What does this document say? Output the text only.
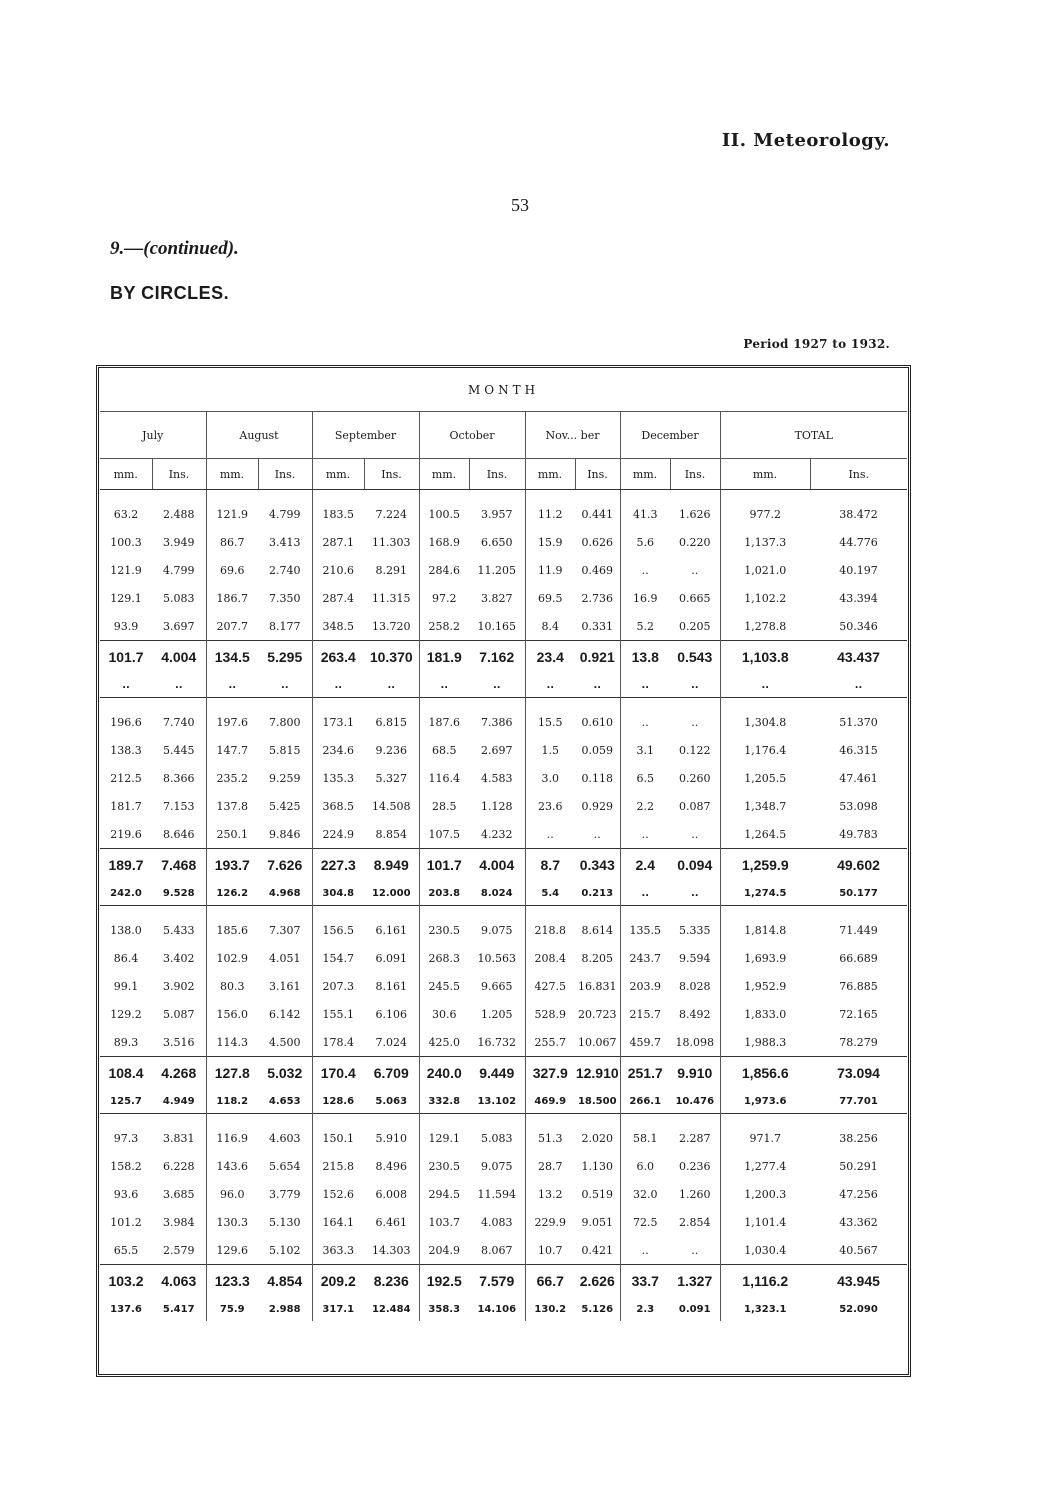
II. Meteorology.
53
9.—(continued).
BY CIRCLES.
Period 1927 to 1932.
MONTH													
July		August		September		October		Nov... ber		December		TOTAL	
mm.	Ins.	mm.	Ins.	mm.	Ins.	mm.	Ins.	mm.	Ins.	mm.	Ins.	mm.	Ins.
63.2	2.488	121.9	4.799	183.5	7.224	100.5	3.957	11.2	0.441	41.3	1.626	977.2	38.472
100.3	3.949	86.7	3.413	287.1	11.303	168.9	6.650	15.9	0.626	5.6	0.220	1,137.3	44.776
121.9	4.799	69.6	2.740	210.6	8.291	284.6	11.205	11.9	0.469	..	..	1,021.0	40.197
129.1	5.083	186.7	7.350	287.4	11.315	97.2	3.827	69.5	2.736	16.9	0.665	1,102.2	43.394
93.9	3.697	207.7	8.177	348.5	13.720	258.2	10.165	8.4	0.331	5.2	0.205	1,278.8	50.346
101.7	4.004	134.5	5.295	263.4	10.370	181.9	7.162	23.4	0.921	13.8	0.543	1,103.8	43.437
..	..	..	..	..	..	..	..	..	..	..	..	..	..
196.6	7.740	197.6	7.800	173.1	6.815	187.6	7.386	15.5	0.610	..	..	1,304.8	51.370
138.3	5.445	147.7	5.815	234.6	9.236	68.5	2.697	1.5	0.059	3.1	0.122	1,176.4	46.315
212.5	8.366	235.2	9.259	135.3	5.327	116.4	4.583	3.0	0.118	6.5	0.260	1,205.5	47.461
181.7	7.153	137.8	5.425	368.5	14.508	28.5	1.128	23.6	0.929	2.2	0.087	1,348.7	53.098
219.6	8.646	250.1	9.846	224.9	8.854	107.5	4.232	..	..	..	..	1,264.5	49.783
189.7	7.468	193.7	7.626	227.3	8.949	101.7	4.004	8.7	0.343	2.4	0.094	1,259.9	49.602
242.0	9.528	126.2	4.968	304.8	12.000	203.8	8.024	5.4	0.213	..	..	1,274.5	50.177
138.0	5.433	185.6	7.307	156.5	6.161	230.5	9.075	218.8	8.614	135.5	5.335	1,814.8	71.449
86.4	3.402	102.9	4.051	154.7	6.091	268.3	10.563	208.4	8.205	243.7	9.594	1,693.9	66.689
99.1	3.902	80.3	3.161	207.3	8.161	245.5	9.665	427.5	16.831	203.9	8.028	1,952.9	76.885
129.2	5.087	156.0	6.142	155.1	6.106	30.6	1.205	528.9	20.723	215.7	8.492	1,833.0	72.165
89.3	3.516	114.3	4.500	178.4	7.024	425.0	16.732	255.7	10.067	459.7	18.098	1,988.3	78.279
108.4	4.268	127.8	5.032	170.4	6.709	240.0	9.449	327.9	12.910	251.7	9.910	1,856.6	73.094
125.7	4.949	118.2	4.653	128.6	5.063	332.8	13.102	469.9	18.500	266.1	10.476	1,973.6	77.701
97.3	3.831	116.9	4.603	150.1	5.910	129.1	5.083	51.3	2.020	58.1	2.287	971.7	38.256
158.2	6.228	143.6	5.654	215.8	8.496	230.5	9.075	28.7	1.130	6.0	0.236	1,277.4	50.291
93.6	3.685	96.0	3.779	152.6	6.008	294.5	11.594	13.2	0.519	32.0	1.260	1,200.3	47.256
101.2	3.984	130.3	5.130	164.1	6.461	103.7	4.083	229.9	9.051	72.5	2.854	1,101.4	43.362
65.5	2.579	129.6	5.102	363.3	14.303	204.9	8.067	10.7	0.421	..	..	1,030.4	40.567
103.2	4.063	123.3	4.854	209.2	8.236	192.5	7.579	66.7	2.626	33.7	1.327	1,116.2	43.945
137.6	5.417	75.9	2.988	317.1	12.484	358.3	14.106	130.2	5.126	2.3	0.091	1,323.1	52.090
